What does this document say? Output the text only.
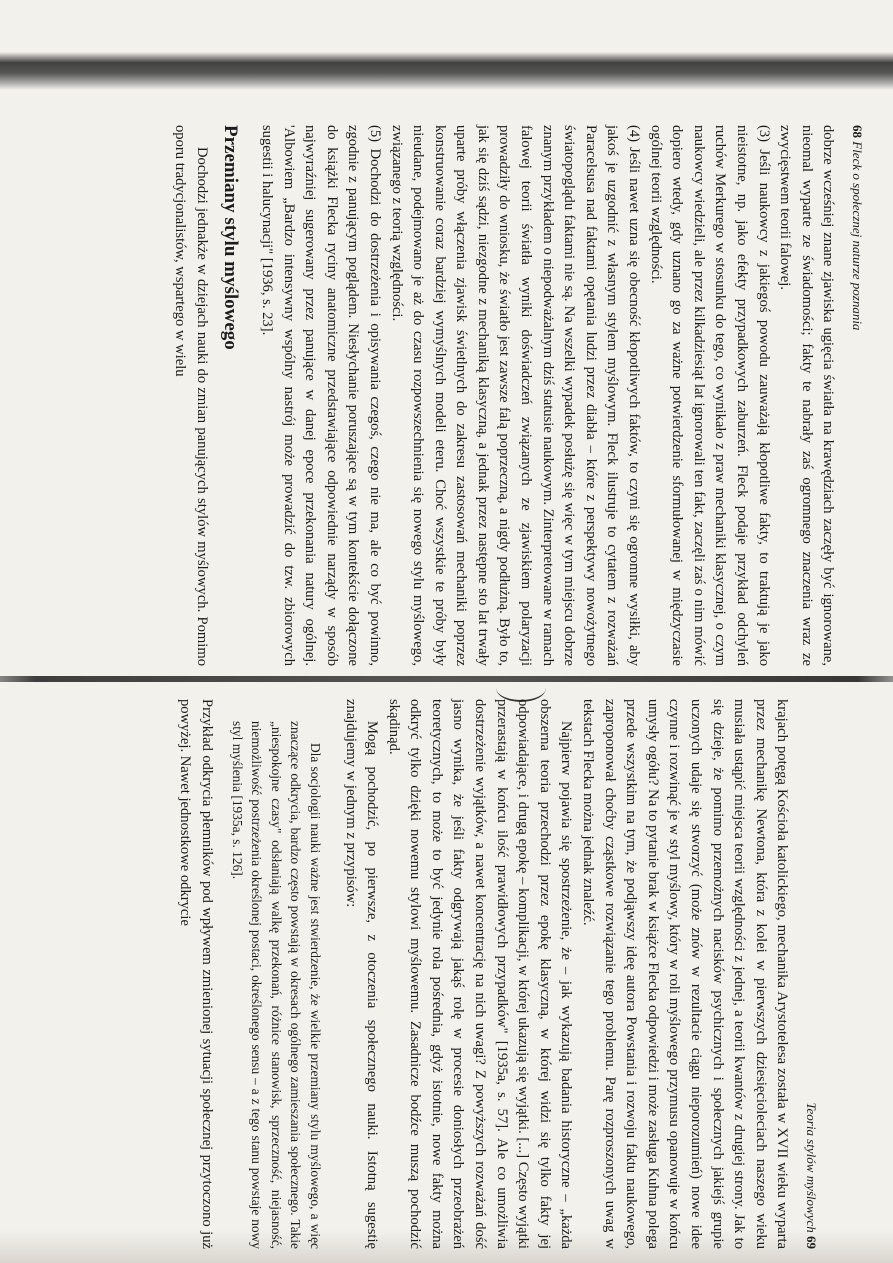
68 Fleck o społecznej naturze poznania

dobrze wcześniej znane zjawiska ugięcia światła na krawędziach zaczęły być ignorowane, nieomal wyparte ze świadomości; fakty te nabrały zaś ogromnego znaczenia wraz ze zwycięstwem teorii falowej.

(3) Jeśli naukowcy z jakiegoś powodu zauważają kłopotliwe fakty, to traktują je jako nieistotne, np. jako efekty przypadkowych zaburzeń. Fleck podaje przykład odchyleń ruchów Merkurego w stosunku do tego, co wynikało z praw mechaniki klasycznej, o czym naukowcy wiedzieli, ale przez kilkadziesiąt lat ignorowali ten fakt, zaczęli zaś o nim mówić dopiero wtedy, gdy uznano go za ważne potwierdzenie sformułowanej w międzyczasie ogólnej teorii względności.

(4) Jeśli nawet uzna się obecność kłopotliwych faktów, to czyni się ogromne wysiłki, aby jakoś je uzgodnić z własnym stylem myślowym. Fleck ilustruje to cytatem z rozważań Paracelsusa nad faktami opętania ludzi przez diabła – które z perspektywy nowożytnego światopoglądu faktami nie są. Na wszelki wypadek posłużę się więc w tym miejscu dobrze znanym przykładem o niepodważalnym dziś statusie naukowym. Zinterpretowane w ramach falowej teorii światła wyniki doświadczeń związanych ze zjawiskiem polaryzacji prowadziły do wniosku, że światło jest zawsze falą poprzeczną, a nigdy podłużną. Było to, jak się dziś sądzi, niezgodne z mechaniką klasyczną, a jednak przez następne sto lat trwały uparte próby włączenia zjawisk świetlnych do zakresu zastosowań mechaniki poprzez konstruowanie coraz bardziej wymyślnych modeli eteru. Choć wszystkie te próby były nieudane, podejmowano je aż do czasu rozpowszechnienia się nowego stylu myślowego, związanego z teorią względności.

(5) Dochodzi do dostrzeżenia i opisywania czegoś, czego nie ma, ale co być powinno, zgodnie z panującym poglądem. Niesłychanie poruszające są w tym kontekście dołączone do książki Flecka ryciny anatomiczne przedstawiające odpowiednie narządy w sposób najwyraźniej sugerowany przez panujące w danej epoce przekonania natury ogólnej. 'Albowiem „Bardzo intensywny wspólny nastrój może prowadzić do tzw. zbiorowych sugestii i halucynacji" [1936, s. 23].

Przemiany stylu myślowego

Dochodzi jednakże w dziejach nauki do zmian panujących stylów myślowych. Pomimo oporu tradycjonalistów, wspartego w wielu

Teoria stylów myślowych 69

krajach potęgą Kościoła katolickiego, mechanika Arystotelesa została w XVII wieku wyparta przez mechanikę Newtona, która z kolei w pierwszych dziesięcioleciach naszego wieku musiała ustąpić miejsca teorii względności z jednej, a teorii kwantów z drugiej strony. Jak to się dzieje, że pomimo przemożnych nacisków psychicznych i społecznych jakiejś grupie uczonych udaje się stworzyć (może znów w rezultacie ciągu nieporozumień) nowe idee czynne i rozwinąć je w styl myślowy, który w roli myślowego przymusu opanowuje w końcu umysły ogółu? Na to pytanie brak w książce Flecka odpowiedzi i może zasługa Kuhna polega przede wszystkim na tym, że podjąwszy ideę autora Powstania i rozwoju faktu naukowego, zaproponował choćby cząstkowe rozwiązanie tego problemu. Parę rozproszonych uwag w tekstach Flecka można jednak znaleźć.

Najpierw pojawia się spostrzeżenie, że – jak wykazują badania historyczne – „każda obszerna teoria przechodzi przez epokę klasyczną, w której widzi się tylko fakty jej odpowiadające, i drugą epokę – komplikacji, w której ukazują się wyjątki. [...] Często wyjątki przerastają w końcu ilość prawidłowych przypadków" [1935a, s. 57]. Ale co umożliwia dostrzeżenie wyjątków, a nawet koncentrację na nich uwagi? Z powyższych rozważań dość jasno wynika, że jeśli fakty odgrywają jakąś rolę w procesie doniosłych przeobrażeń teoretycznych, to może to być jedynie rola pośrednia, gdyż istotnie, nowe fakty można odkryć tylko dzięki nowemu stylowi myślowemu. Zasadnicze bodźce muszą pochodzić skądinąd.

Mogą pochodzić, po pierwsze, z otoczenia społecznego nauki. Istotną sugestię znajdujemy w jednym z przypisów:

Dla socjologii nauki ważne jest stwierdzenie, że wielkie przemiany stylu myślowego, a więc znaczące odkrycia, bardzo często powstają w okresach ogólnego zamieszania społecznego. Takie „niespokojne czasy" odsłaniają walkę przekonań, różnice stanowisk, sprzeczność, niejasność, niemożliwość postrzeżenia określonej postaci, określonego sensu – a z tego stanu powstaje nowy styl myślenia [1935a, s. 126].

Przykład odkrycia płemników pod wpływem zmienionej sytuacji społecznej przytoczono już powyżej. Nawet jednostkowe odkrycie
